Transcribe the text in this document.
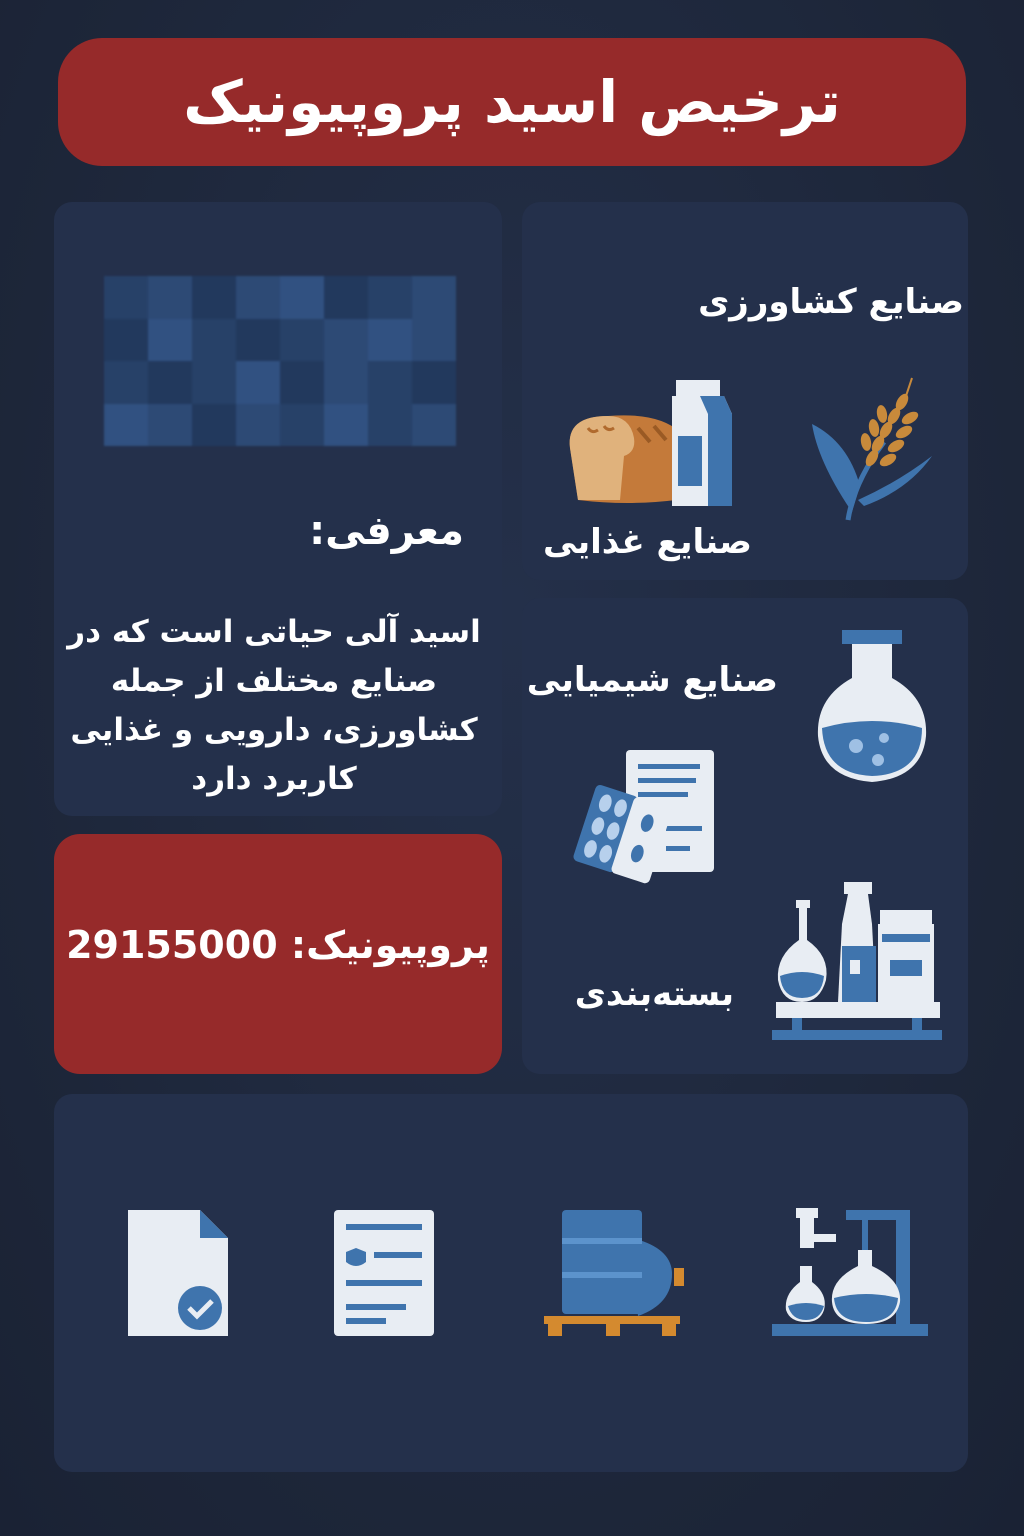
ترخیص اسید پروپیونیک
معرفی:
اسید آلی حیاتی است که در
صنایع مختلف از جمله
کشاورزی، دارویی و غذایی
کاربرد دارد
پروپیونیک: 29155000
صنایع کشاورزی
صنایع غذایی
صنایع شیمیایی
بسته‌بندی
